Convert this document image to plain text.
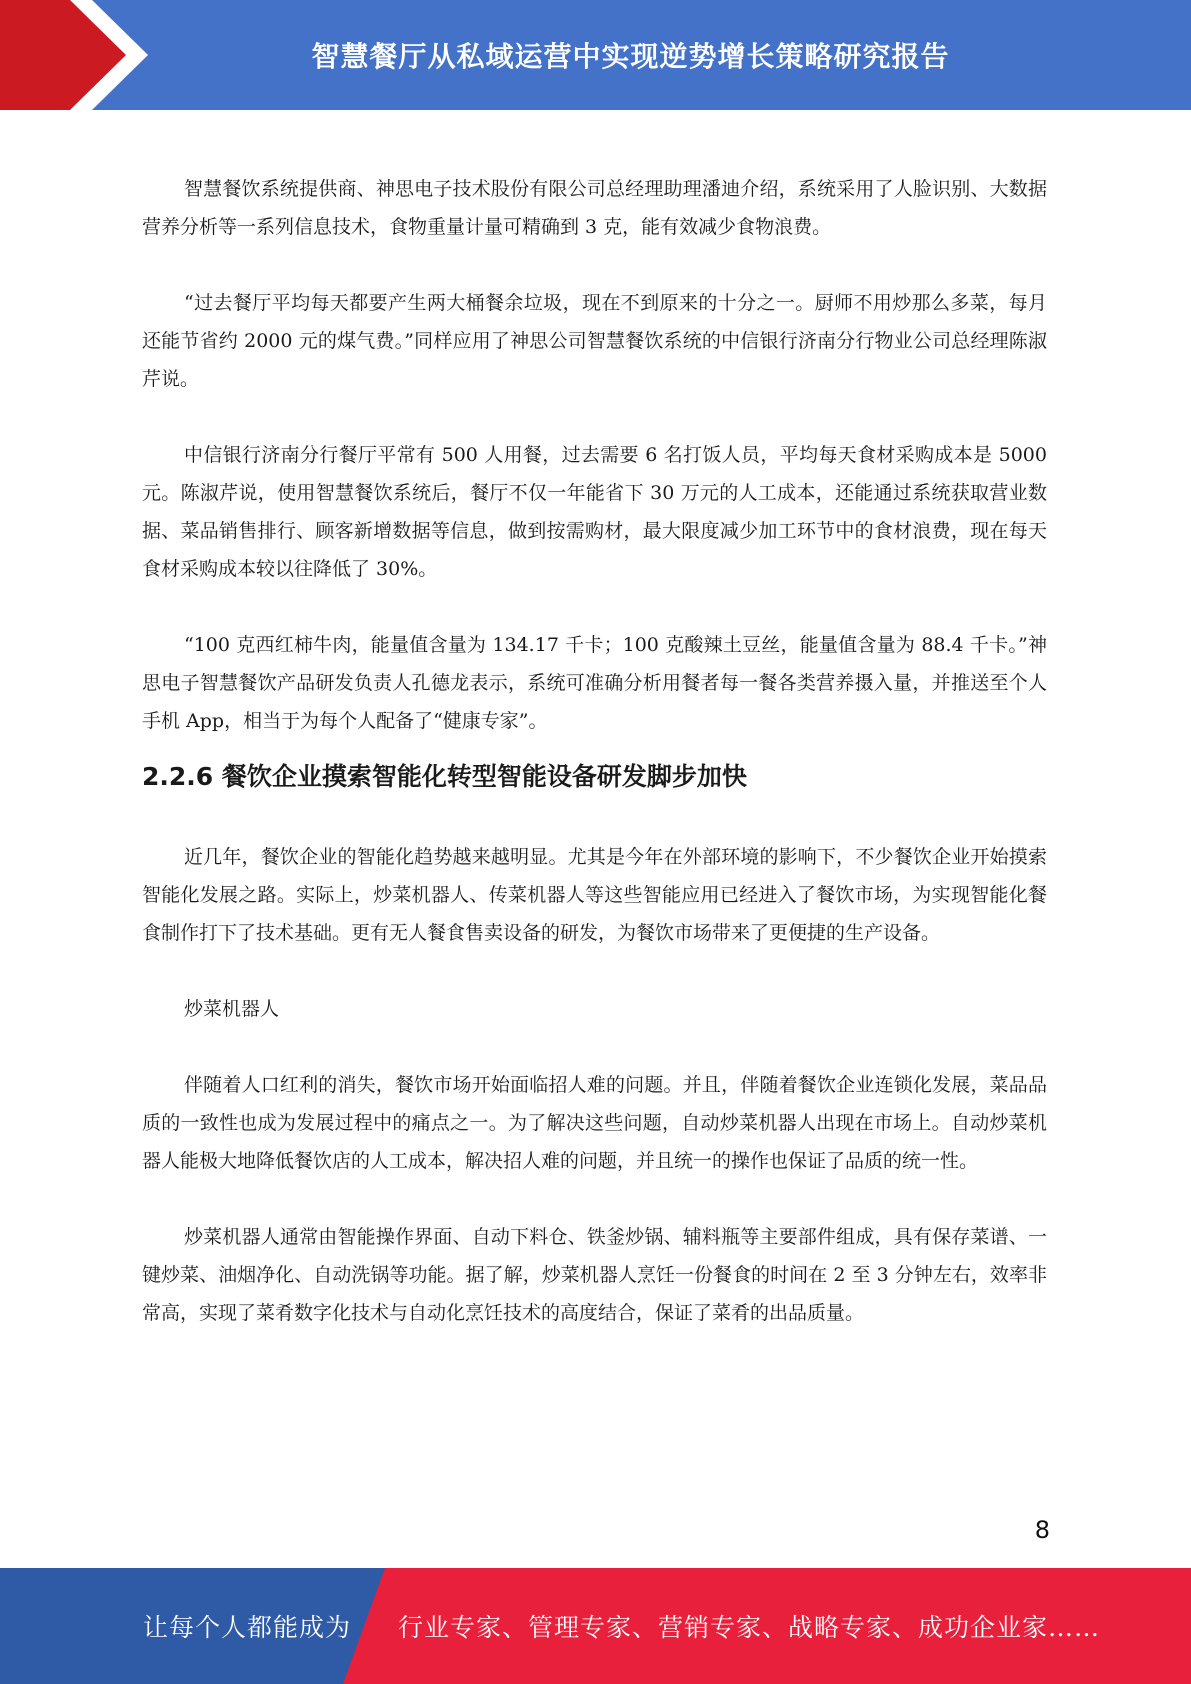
智慧餐厅从私域运营中实现逆势增长策略研究报告

智慧餐饮系统提供商、神思电子技术股份有限公司总经理助理潘迪介绍，系统采用了人脸识别、大数据营养分析等一系列信息技术，食物重量计量可精确到 3 克，能有效减少食物浪费。

“过去餐厅平均每天都要产生两大桶餐余垃圾，现在不到原来的十分之一。厨师不用炒那么多菜，每月还能节省约 2000 元的煤气费。”同样应用了神思公司智慧餐饮系统的中信银行济南分行物业公司总经理陈淑芹说。

中信银行济南分行餐厅平常有 500 人用餐，过去需要 6 名打饭人员，平均每天食材采购成本是 5000 元。陈淑芹说，使用智慧餐饮系统后，餐厅不仅一年能省下 30 万元的人工成本，还能通过系统获取营业数据、菜品销售排行、顾客新增数据等信息，做到按需购材，最大限度减少加工环节中的食材浪费，现在每天食材采购成本较以往降低了 30%。

“100 克西红柿牛肉，能量值含量为 134.17 千卡；100 克酸辣土豆丝，能量值含量为 88.4 千卡。”神思电子智慧餐饮产品研发负责人孔德龙表示，系统可准确分析用餐者每一餐各类营养摄入量，并推送至个人手机 App，相当于为每个人配备了“健康专家”。

2.2.6 餐饮企业摸索智能化转型智能设备研发脚步加快

近几年，餐饮企业的智能化趋势越来越明显。尤其是今年在外部环境的影响下，不少餐饮企业开始摸索智能化发展之路。实际上，炒菜机器人、传菜机器人等这些智能应用已经进入了餐饮市场，为实现智能化餐食制作打下了技术基础。更有无人餐食售卖设备的研发，为餐饮市场带来了更便捷的生产设备。

炒菜机器人

伴随着人口红利的消失，餐饮市场开始面临招人难的问题。并且，伴随着餐饮企业连锁化发展，菜品品质的一致性也成为发展过程中的痛点之一。为了解决这些问题，自动炒菜机器人出现在市场上。自动炒菜机器人能极大地降低餐饮店的人工成本，解决招人难的问题，并且统一的操作也保证了品质的统一性。

炒菜机器人通常由智能操作界面、自动下料仓、铁釜炒锅、辅料瓶等主要部件组成，具有保存菜谱、一键炒菜、油烟净化、自动洗锅等功能。据了解，炒菜机器人烹饪一份餐食的时间在 2 至 3 分钟左右，效率非常高，实现了菜肴数字化技术与自动化烹饪技术的高度结合，保证了菜肴的出品质量。

8
让每个人都能成为 行业专家、管理专家、营销专家、战略专家、成功企业家……
